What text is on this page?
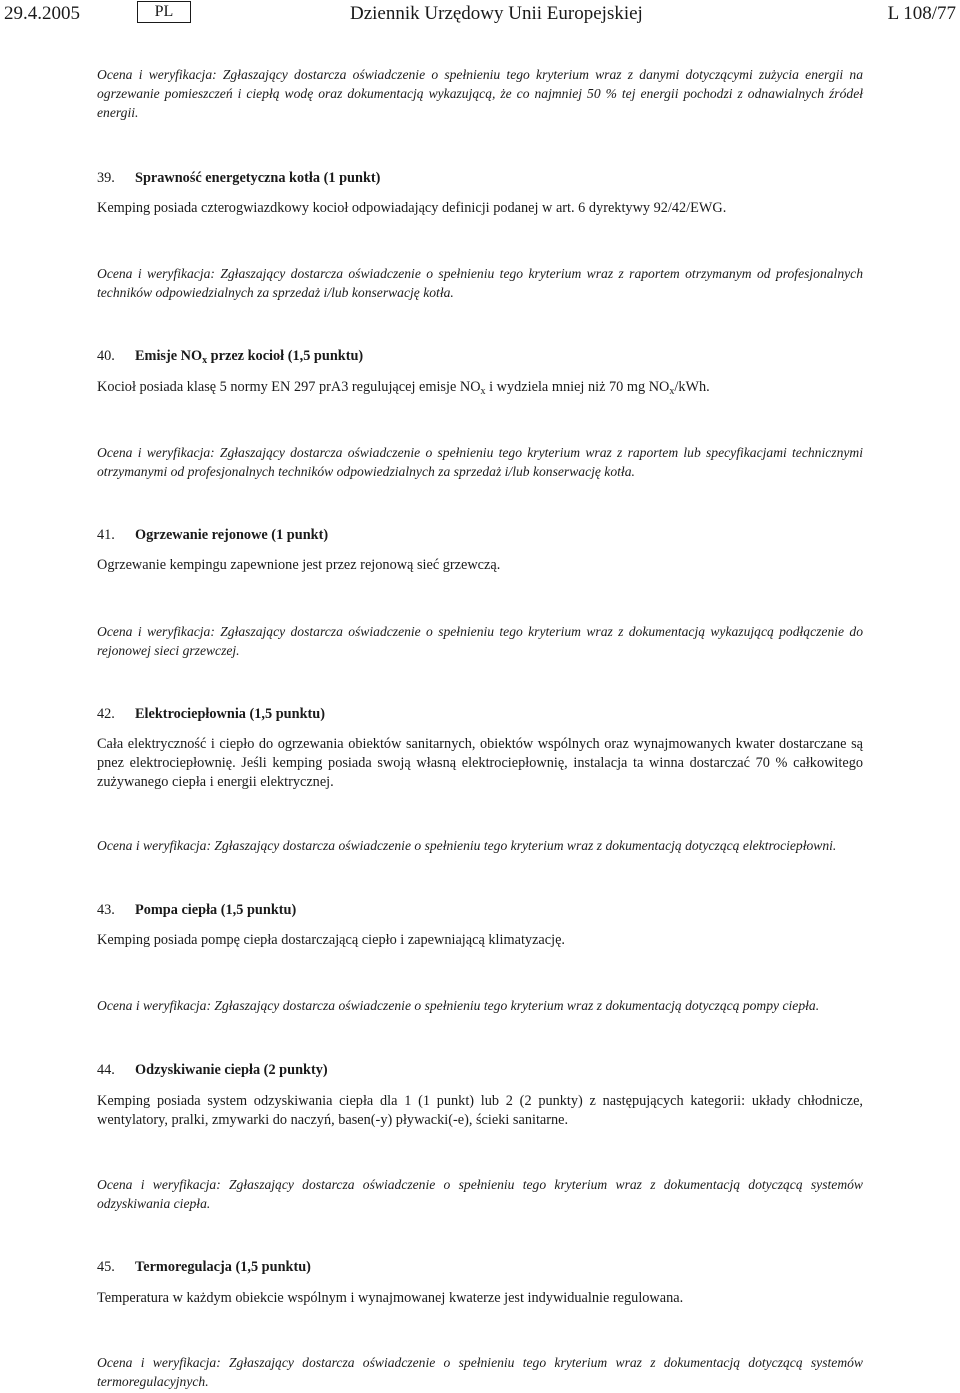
29.4.2005	PL	Dziennik Urzędowy Unii Europejskiej	L 108/77

Ocena i weryfikacja: Zgłaszający dostarcza oświadczenie o spełnieniu tego kryterium wraz z danymi dotyczącymi zużycia energii na ogrzewanie pomieszczeń i ciepłą wodę oraz dokumentacją wykazującą, że co najmniej 50 % tej energii pochodzi z odnawialnych źródeł energii.

39. Sprawność energetyczna kotła (1 punkt)

Kemping posiada czterogwiazdkowy kocioł odpowiadający definicji podanej w art. 6 dyrektywy 92/42/EWG.

Ocena i weryfikacja: Zgłaszający dostarcza oświadczenie o spełnieniu tego kryterium wraz z raportem otrzymanym od profesjonalnych techników odpowiedzialnych za sprzedaż i/lub konserwację kotła.

40. Emisje $NO_x$ przez kocioł (1,5 punktu)

Kocioł posiada klasę 5 normy EN 297 prA3 regulującej emisje $NO_x$ i wydziela mniej niż 70 mg $NO_x$/kWh.

Ocena i weryfikacja: Zgłaszający dostarcza oświadczenie o spełnieniu tego kryterium wraz z raportem lub specyfikacjami technicznymi otrzymanymi od profesjonalnych techników odpowiedzialnych za sprzedaż i/lub konserwację kotła.

41. Ogrzewanie rejonowe (1 punkt)

Ogrzewanie kempingu zapewnione jest przez rejonową sieć grzewczą.

Ocena i weryfikacja: Zgłaszający dostarcza oświadczenie o spełnieniu tego kryterium wraz z dokumentacją wykazującą podłączenie do rejonowej sieci grzewczej.

42. Elektrociepłownia (1,5 punktu)

Cała elektryczność i ciepło do ogrzewania obiektów sanitarnych, obiektów wspólnych oraz wynajmowanych kwater dostarczane są pnez elektrociepłownię. Jeśli kemping posiada swoją własną elektrociepłownię, instalacja ta winna dostarczać 70 % całkowitego zużywanego ciepła i energii elektrycznej.

Ocena i weryfikacja: Zgłaszający dostarcza oświadczenie o spełnieniu tego kryterium wraz z dokumentacją dotyczącą elektrociepłowni.

43. Pompa ciepła (1,5 punktu)

Kemping posiada pompę ciepła dostarczającą ciepło i zapewniającą klimatyzację.

Ocena i weryfikacja: Zgłaszający dostarcza oświadczenie o spełnieniu tego kryterium wraz z dokumentacją dotyczącą pompy ciepła.

44. Odzyskiwanie ciepła (2 punkty)

Kemping posiada system odzyskiwania ciepła dla 1 (1 punkt) lub 2 (2 punkty) z następujących kategorii: układy chłodnicze, wentylatory, pralki, zmywarki do naczyń, basen(-y) pływacki(-e), ścieki sanitarne.

Ocena i weryfikacja: Zgłaszający dostarcza oświadczenie o spełnieniu tego kryterium wraz z dokumentacją dotyczącą systemów odzyskiwania ciepła.

45. Termoregulacja (1,5 punktu)

Temperatura w każdym obiekcie wspólnym i wynajmowanej kwaterze jest indywidualnie regulowana.

Ocena i weryfikacja: Zgłaszający dostarcza oświadczenie o spełnieniu tego kryterium wraz z dokumentacją dotyczącą systemów termoregulacyjnych.
